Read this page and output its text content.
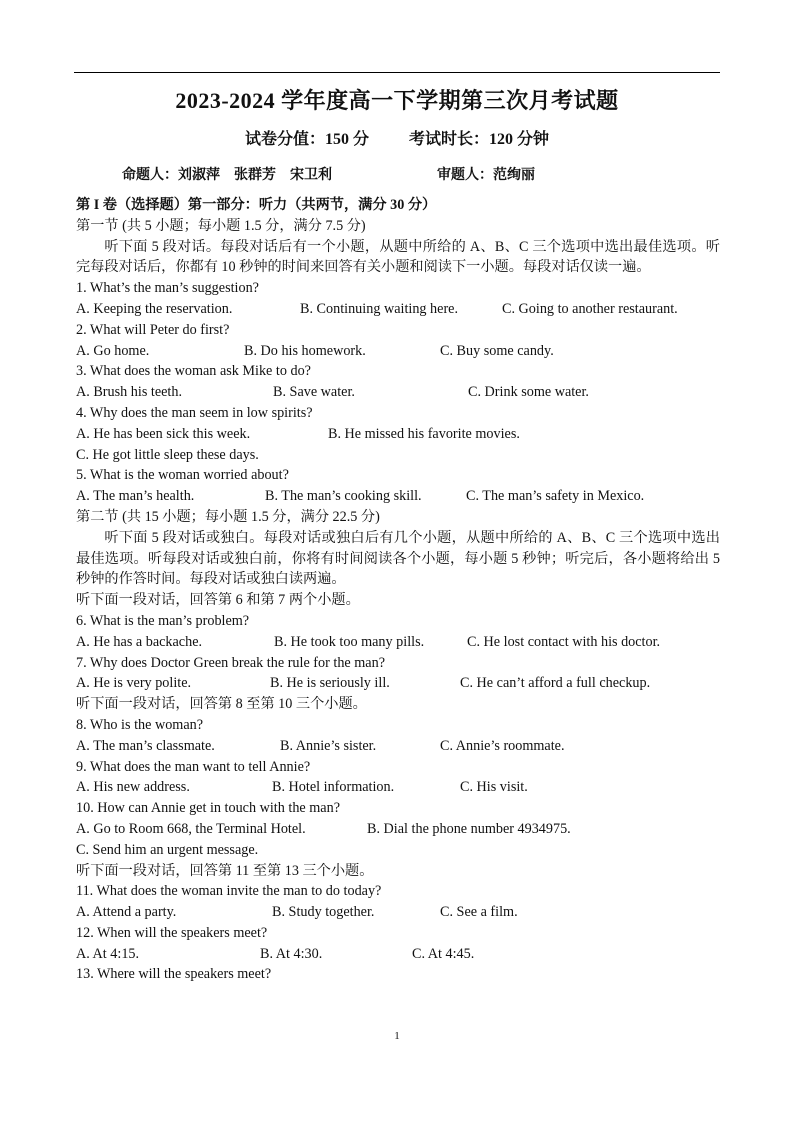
2023-2024 学年度高一下学期第三次月考试题
试卷分值：150 分	考试时长：120 分钟
命题人：刘淑萍    张群芳    宋卫利	审题人：范绚丽
第 I 卷（选择题）第一部分：听力（共两节，满分 30 分）
第一节 (共 5 小题；每小题 1.5 分，满分 7.5 分)

听下面 5 段对话。每段对话后有一个小题，从题中所给的 A、B、C 三个选项中选出最佳选项。听完每段对话后，你都有 10 秒钟的时间来回答有关小题和阅读下一小题。每段对话仅读一遍。

1. What’s the man’s suggestion?
A. Keeping the reservation.	B. Continuing waiting here.	C. Going to another restaurant.
2. What will Peter do first?
A. Go home.	B. Do his homework.	C. Buy some candy.
3. What does the woman ask Mike to do?
A. Brush his teeth.	B. Save water.	C. Drink some water.
4. Why does the man seem in low spirits?
A. He has been sick this week.	B. He missed his favorite movies.
C. He got little sleep these days.
5. What is the woman worried about?
A. The man’s health.	B. The man’s cooking skill.	C. The man’s safety in Mexico.
第二节 (共 15 小题；每小题 1.5 分，满分 22.5 分)

听下面 5 段对话或独白。每段对话或独白后有几个小题，从题中所给的 A、B、C 三个选项中选出最佳选项。听每段对话或独白前，你将有时间阅读各个小题，每小题 5 秒钟；听完后，各小题将给出 5 秒钟的作答时间。每段对话或独白读两遍。

听下面一段对话，回答第 6 和第 7 两个小题。
6. What is the man’s problem?
A. He has a backache.	B. He took too many pills.	C. He lost contact with his doctor.
7. Why does Doctor Green break the rule for the man?
A. He is very polite.	B. He is seriously ill.	C. He can’t afford a full checkup.
听下面一段对话，回答第 8 至第 10 三个小题。
8. Who is the woman?
A. The man’s classmate.	B. Annie’s sister.	C. Annie’s roommate.
9. What does the man want to tell Annie?
A. His new address.	B. Hotel information.	C. His visit.
10. How can Annie get in touch with the man?
A. Go to Room 668, the Terminal Hotel.	B. Dial the phone number 4934975.
C. Send him an urgent message.
听下面一段对话，回答第 11 至第 13 三个小题。
11. What does the woman invite the man to do today?
A. Attend a party.	B. Study together.	C. See a film.
12. When will the speakers meet?
A. At 4:15.	B. At 4:30.	C. At 4:45.
13. Where will the speakers meet?
1
